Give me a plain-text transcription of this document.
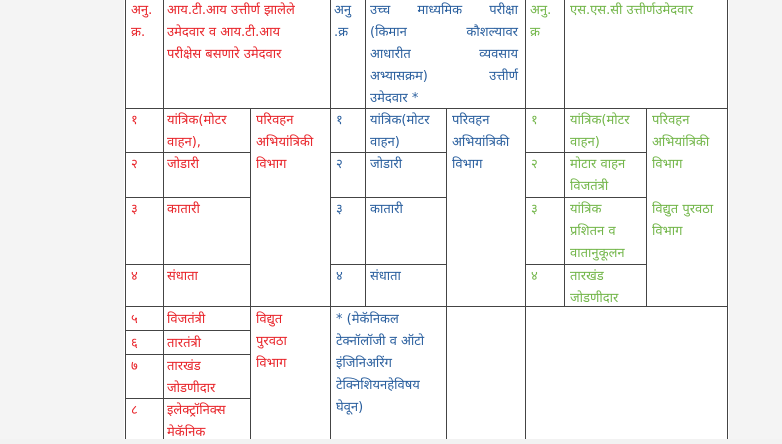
अनु. क्र.
आय.टी.आय उत्तीर्ण झालेले
उमेदवार व आय.टी.आय
परीक्षेस बसणारे उमेदवार
अनु .क्र
उच्च माध्यमिक परीक्षा
(किमान कौशल्यावर
आधारीत व्यवसाय
अभ्यासक्रम) उत्तीर्ण
उमेदवार *
अनु. क्र
एस.एस.सी उत्तीर्णउमेदवार
१ यांत्रिक(मोटर
वाहन),
२ जोडारी
३ कातारी
४ संधाता
५ विजतंत्री
६ तारतंत्री
७ तारखंड
जोडणीदार
८ इलेक्ट्रॉनिक्स
मेकॅनिक
परिवहन
अभियांत्रिकी
विभाग
विद्युत
पुरवठा
विभाग
१ यांत्रिक(मोटर
वाहन)
२ जोडारी
३ कातारी
४ संधाता
परिवहन
अभियांत्रिकी
विभाग
* (मेकॅनिकल
टेक्नॉलॉजी व ऑटो
इंजिनिअरिंग
टेक्निशियनहेविषय
घेवून)
१ यांत्रिक(मोटर
वाहन)
२ मोटार वाहन
विजतंत्री
३ यांत्रिक
प्रशितन व
वातानुकूलन
४ तारखंड
जोडणीदार
परिवहन
अभियांत्रिकी
विभाग
विद्युत पुरवठा
विभाग
